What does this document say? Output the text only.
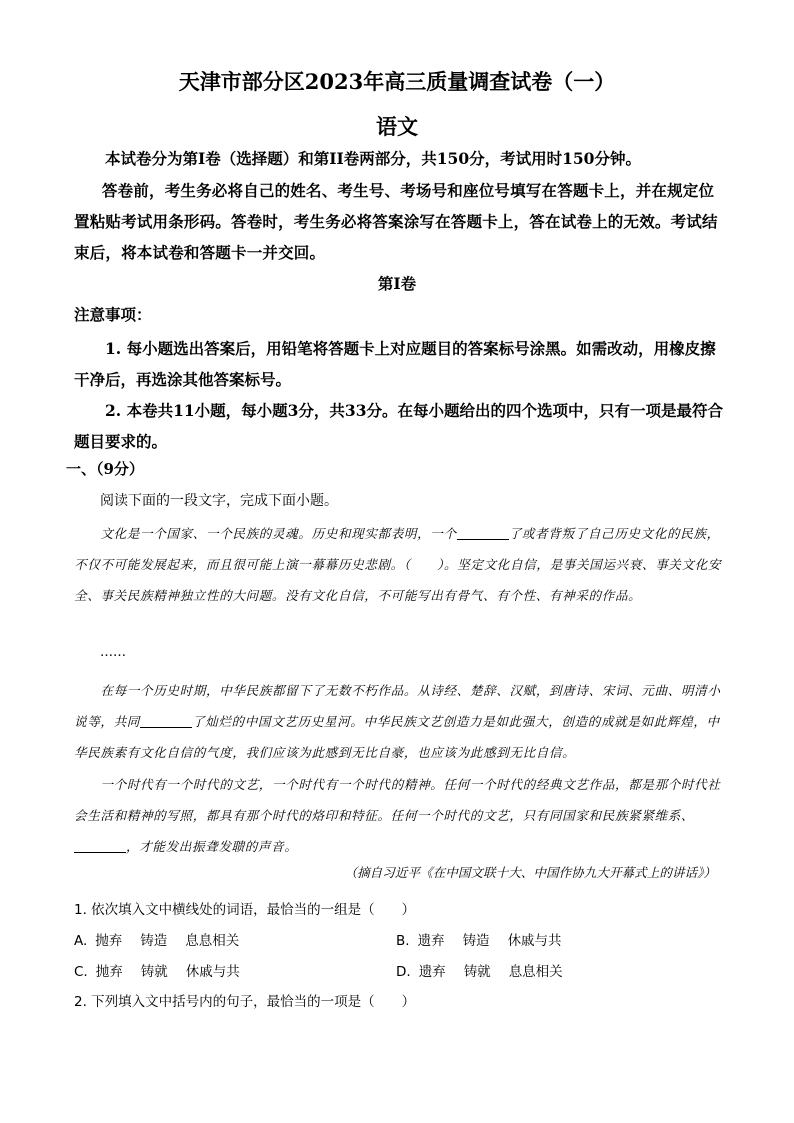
天津市部分区2023年高三质量调查试卷（一）
语文
本试卷分为第Ⅰ卷（选择题）和第II卷两部分，共150分，考试用时150分钟。
答卷前，考生务必将自己的姓名、考生号、考场号和座位号填写在答题卡上，并在规定位置粘贴考试用条形码。答卷时，考生务必将答案涂写在答题卡上，答在试卷上的无效。考试结束后，将本试卷和答题卡一并交回。
第Ⅰ卷
注意事项：
1. 每小题选出答案后，用铅笔将答题卡上对应题目的答案标号涂黑。如需改动，用橡皮擦干净后，再选涂其他答案标号。
2. 本卷共11小题，每小题3分，共33分。在每小题给出的四个选项中，只有一项是最符合题目要求的。
一、（9分）
阅读下面的一段文字，完成下面小题。
文化是一个国家、一个民族的灵魂。历史和现实都表明，一个	了或者背叛了自己历史文化的民族，不仅不可能发展起来，而且很可能上演一幕幕历史悲剧。（　　）。坚定文化自信，是事关国运兴衰、事关文化安全、事关民族精神独立性的大问题。没有文化自信，不可能写出有骨气、有个性、有神采的作品。
……
在每一个历史时期，中华民族都留下了无数不朽作品。从诗经、楚辞、汉赋，到唐诗、宋词、元曲、明清小说等，共同	了灿烂的中国文艺历史星河。中华民族文艺创造力是如此强大，创造的成就是如此辉煌，中华民族素有文化自信的气度，我们应该为此感到无比自豪，也应该为此感到无比自信。
一个时代有一个时代的文艺，一个时代有一个时代的精神。任何一个时代的经典文艺作品，都是那个时代社会生活和精神的写照，都具有那个时代的烙印和特征。任何一个时代的文艺，只有同国家和民族紧紧维系、，才能发出振聋发聩的声音。
（摘自习近平《在中国文联十大、中国作协九大开幕式上的讲话》）
1. 依次填入文中横线处的词语，最恰当的一组是（　　）
A. 抛弃 铸造 息息相关	B. 遗弃 铸造 休戚与共
C. 抛弃 铸就 休戚与共	D. 遗弃 铸就 息息相关
2. 下列填入文中括号内的句子，最恰当的一项是（　　）
